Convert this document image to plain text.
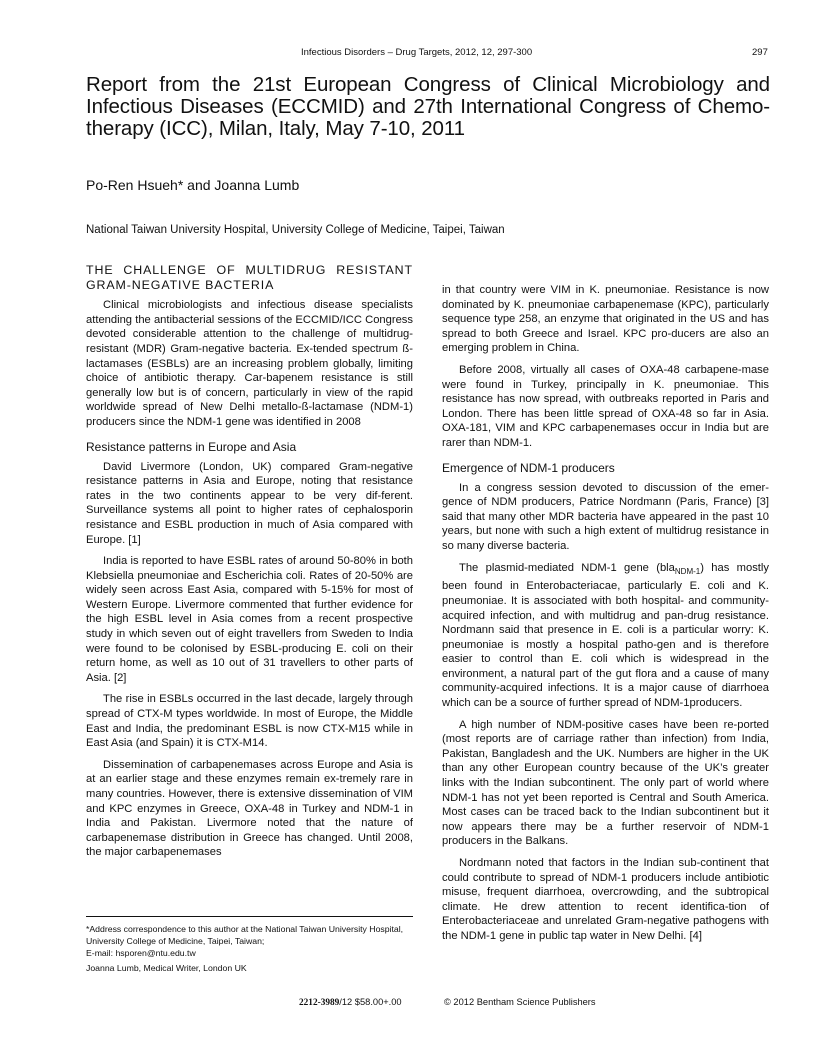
Infectious Disorders – Drug Targets, 2012, 12, 297-300	297
Report from the 21st European Congress of Clinical Microbiology and Infectious Diseases (ECCMID) and 27th International Congress of Chemo-therapy (ICC), Milan, Italy, May 7-10, 2011
Po-Ren Hsueh* and Joanna Lumb
National Taiwan University Hospital, University College of Medicine, Taipei, Taiwan
THE CHALLENGE OF MULTIDRUG RESISTANT GRAM-NEGATIVE BACTERIA

Clinical microbiologists and infectious disease specialists attending the antibacterial sessions of the ECCMID/ICC Congress devoted considerable attention to the challenge of multidrug- resistant (MDR) Gram-negative bacteria. Ex-tended spectrum ß-lactamases (ESBLs) are an increasing problem globally, limiting choice of antibiotic therapy. Car-bapenem resistance is still generally low but is of concern, particularly in view of the rapid worldwide spread of New Delhi metallo-ß-lactamase (NDM-1) producers since the NDM-1 gene was identified in 2008

Resistance patterns in Europe and Asia

David Livermore (London, UK) compared Gram-negative resistance patterns in Asia and Europe, noting that resistance rates in the two continents appear to be very dif-ferent. Surveillance systems all point to higher rates of cephalosporin resistance and ESBL production in much of Asia compared with Europe. [1]

India is reported to have ESBL rates of around 50-80% in both Klebsiella pneumoniae and Escherichia coli. Rates of 20-50% are widely seen across East Asia, compared with 5-15% for most of Western Europe. Livermore commented that further evidence for the high ESBL level in Asia comes from a recent prospective study in which seven out of eight travellers from Sweden to India were found to be colonised by ESBL-producing E. coli on their return home, as well as 10 out of 31 travellers to other parts of Asia. [2]

The rise in ESBLs occurred in the last decade, largely through spread of CTX-M types worldwide. In most of Europe, the Middle East and India, the predominant ESBL is now CTX-M15 while in East Asia (and Spain) it is CTX-M14.

Dissemination of carbapenemases across Europe and Asia is at an earlier stage and these enzymes remain ex-tremely rare in many countries. However, there is extensive dissemination of VIM and KPC enzymes in Greece, OXA-48 in Turkey and NDM-1 in India and Pakistan. Livermore noted that the nature of carbapenemase distribution in Greece has changed. Until 2008, the major carbapenemases

in that country were VIM in K. pneumoniae. Resistance is now dominated by K. pneumoniae carbapenemase (KPC), particularly sequence type 258, an enzyme that originated in the US and has spread to both Greece and Israel. KPC pro-ducers are also an emerging problem in China.

Before 2008, virtually all cases of OXA-48 carbapene-mase were found in Turkey, principally in K. pneumoniae. This resistance has now spread, with outbreaks reported in Paris and London. There has been little spread of OXA-48 so far in Asia. OXA-181, VIM and KPC carbapenemases occur in India but are rarer than NDM-1.

Emergence of NDM-1 producers

In a congress session devoted to discussion of the emer-gence of NDM producers, Patrice Nordmann (Paris, France) [3] said that many other MDR bacteria have appeared in the past 10 years, but none with such a high extent of multidrug resistance in so many diverse bacteria.

The plasmid-mediated NDM-1 gene (bla$_{NDM-1}$) has mostly been found in Enterobacteriacae, particularly E. coli and K. pneumoniae. It is associated with both hospital- and community-acquired infection, and with multidrug and pan-drug resistance. Nordmann said that presence in E. coli is a particular worry: K. pneumoniae is mostly a hospital patho-gen and is therefore easier to control than E. coli which is widespread in the environment, a natural part of the gut flora and a cause of many community-acquired infections. It is a major cause of diarrhoea which can be a source of further spread of NDM-1producers.

A high number of NDM-positive cases have been re-ported (most reports are of carriage rather than infection) from India, Pakistan, Bangladesh and the UK. Numbers are higher in the UK than any other European country because of the UK’s greater links with the Indian subcontinent. The only part of world where NDM-1 has not yet been reported is Central and South America. Most cases can be traced back to the Indian subcontinent but it now appears there may be a further reservoir of NDM-1 producers in the Balkans.

Nordmann noted that factors in the Indian sub-continent that could contribute to spread of NDM-1 producers include antibiotic misuse, frequent diarrhoea, overcrowding, and the subtropical climate. He drew attention to recent identifica-tion of Enterobacteriaceae and unrelated Gram-negative pathogens with the NDM-1 gene in public tap water in New Delhi. [4]

*Address correspondence to this author at the National Taiwan University Hospital, University College of Medicine, Taipei, Taiwan;
E-mail: hsporen@ntu.edu.tw
Joanna Lumb, Medical Writer, London UK
2212-3989/12 $58.00+.00	© 2012 Bentham Science Publishers
